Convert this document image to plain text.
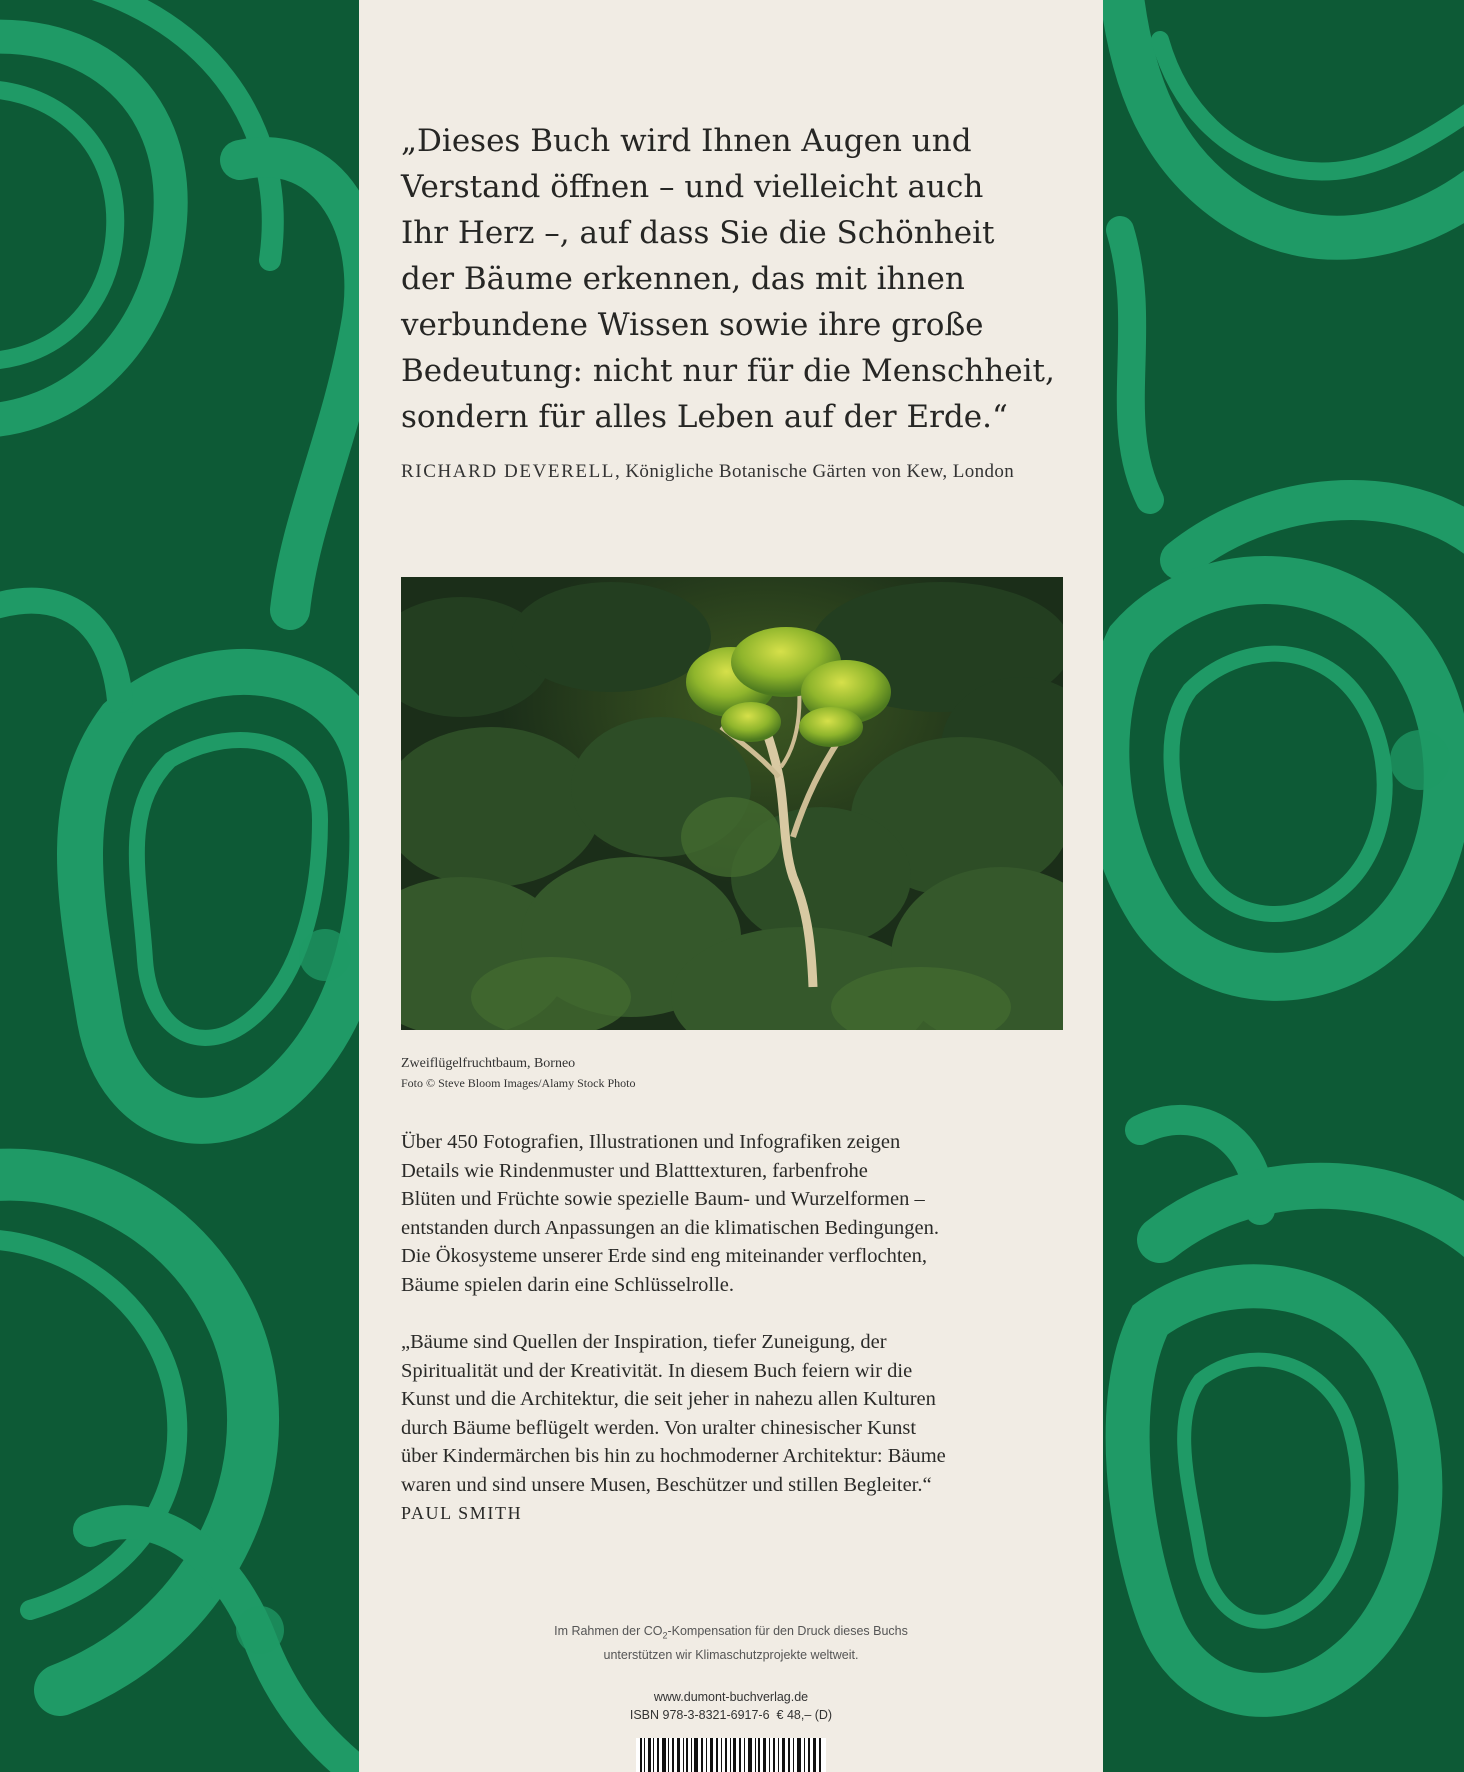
„Dieses Buch wird Ihnen Augen und
Verstand öffnen – und vielleicht auch
Ihr Herz –, auf dass Sie die Schönheit
der Bäume erkennen, das mit ihnen
verbundene Wissen sowie ihre große
Bedeutung: nicht nur für die Menschheit,
sondern für alles Leben auf der Erde.“

RICHARD DEVERELL, Königliche Botanische Gärten von Kew, London
Zweiflügelfruchtbaum, Borneo
Foto © Steve Bloom Images/Alamy Stock Photo

Über 450 Fotografien, Illustrationen und Infografiken zeigen
Details wie Rindenmuster und Blatttexturen, farbenfrohe
Blüten und Früchte sowie spezielle Baum- und Wurzelformen –
entstanden durch Anpassungen an die klimatischen Bedingungen.
Die Ökosysteme unserer Erde sind eng miteinander verflochten,
Bäume spielen darin eine Schlüsselrolle.

„Bäume sind Quellen der Inspiration, tiefer Zuneigung, der
Spiritualität und der Kreativität. In diesem Buch feiern wir die
Kunst und die Architektur, die seit jeher in nahezu allen Kulturen
durch Bäume beflügelt werden. Von uralter chinesischer Kunst
über Kindermärchen bis hin zu hochmoderner Architektur: Bäume
waren und sind unsere Musen, Beschützer und stillen Begleiter.“

PAUL SMITH
Im Rahmen der $CO_2$-Kompensation für den Druck dieses Buchs
unterstützen wir Klimaschutzprojekte weltweit.
www.dumont-buchverlag.de
ISBN 978-3-8321-6917-6 € 48,– (D)
